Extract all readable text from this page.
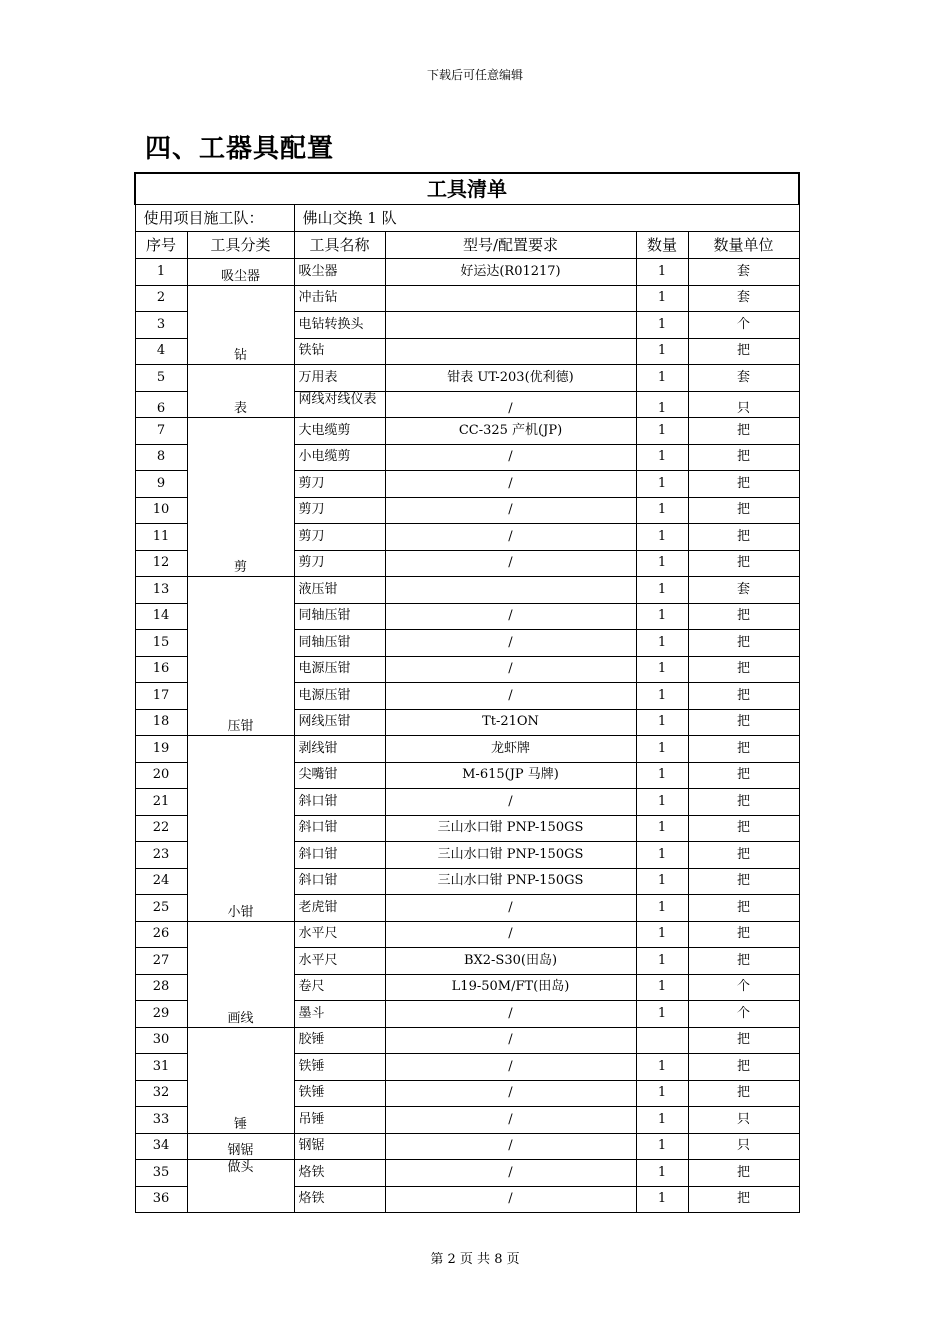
下载后可任意编辑
四、工器具配置
工具清单					
使用项目施工队：		佛山交换 1 队			
序号	工具分类	工具名称	型号/配置要求	数量	数量单位
1	吸尘器	吸尘器	好运达(R01217)	1	套
2	钻	冲击钻		1	套
3		电钻转换头		1	个
4		铁钻		1	把
5	表	万用表	钳表 UT-203(优利德)	1	套
6		网线对线仪表	/	1	只
7	剪	大电缆剪	CC-325 产机(JP)	1	把
8		小电缆剪	/	1	把
9		剪刀	/	1	把
10		剪刀	/	1	把
11		剪刀	/	1	把
12		剪刀	/	1	把
13	压钳	液压钳		1	套
14		同轴压钳	/	1	把
15		同轴压钳	/	1	把
16		电源压钳	/	1	把
17		电源压钳	/	1	把
18		网线压钳	Tt-21ON	1	把
19	小钳	剥线钳	龙虾牌	1	把
20		尖嘴钳	M-615(JP 马牌)	1	把
21		斜口钳	/	1	把
22		斜口钳	三山水口钳 PNP-150GS	1	把
23		斜口钳	三山水口钳 PNP-150GS	1	把
24		斜口钳	三山水口钳 PNP-150GS	1	把
25		老虎钳	/	1	把
26	画线	水平尺	/	1	把
27		水平尺	BX2-S30(田岛)	1	把
28		卷尺	L19-50M/FT(田岛)	1	个
29		墨斗	/	1	个
30	锤	胶锤	/		把
31		铁锤	/	1	把
32		铁锤	/	1	把
33		吊锤	/	1	只
34	钢锯	钢锯	/	1	只
35	做头	烙铁	/	1	把
36		烙铁	/	1	把
第 2 页 共 8 页
